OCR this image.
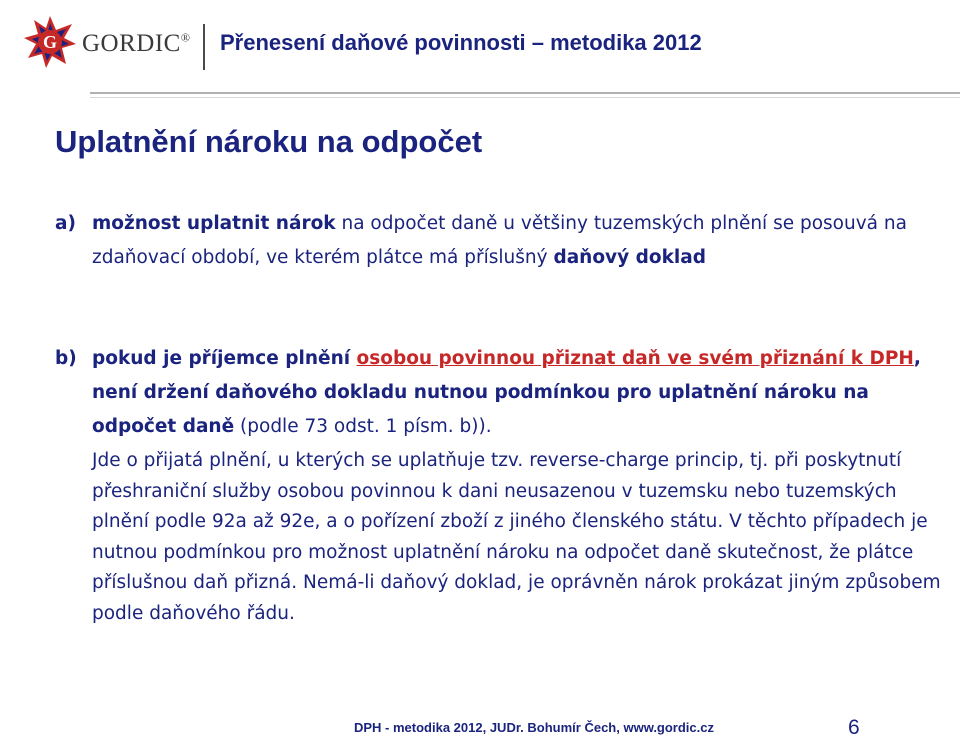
G GORDIC® Přenesení daňové povinnosti – metodika 2012
Uplatnění nároku na odpočet
a) možnost uplatnit nárok na odpočet daně u většiny tuzemských plnění se posouvá na zdaňovací období, ve kterém plátce má příslušný daňový doklad
b) pokud je příjemce plnění osobou povinnou přiznat daň ve svém přiznání k DPH, není držení daňového dokladu nutnou podmínkou pro uplatnění nároku na odpočet daně (podle 73 odst. 1 písm. b)).
Jde o přijatá plnění, u kterých se uplatňuje tzv. reverse-charge princip, tj. při poskytnutí přeshraniční služby osobou povinnou k dani neusazenou v tuzemsku nebo tuzemských plnění podle 92a až 92e, a o pořízení zboží z jiného členského státu. V těchto případech je nutnou podmínkou pro možnost uplatnění nároku na odpočet daně skutečnost, že plátce příslušnou daň přizná. Nemá-li daňový doklad, je oprávněn nárok prokázat jiným způsobem podle daňového řádu.
DPH - metodika 2012, JUDr. Bohumír Čech, www.gordic.cz	6
